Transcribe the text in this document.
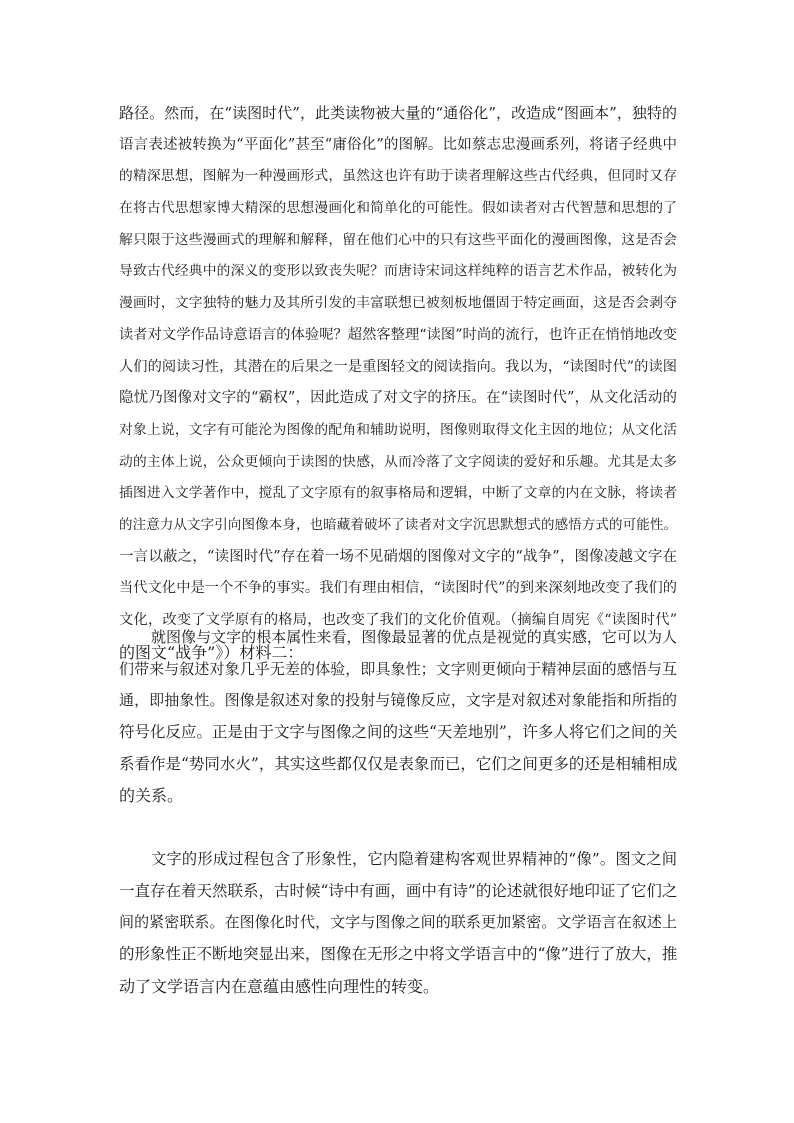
路径。然而，在“读图时代”，此类读物被大量的“通俗化”，改造成“图画本”，独特的
语言表述被转换为“平面化”甚至“庸俗化”的图解。比如蔡志忠漫画系列，将诸子经典中
的精深思想，图解为一种漫画形式，虽然这也许有助于读者理解这些古代经典，但同时又存
在将古代思想家博大精深的思想漫画化和简单化的可能性。假如读者对古代智慧和思想的了
解只限于这些漫画式的理解和解释，留在他们心中的只有这些平面化的漫画图像，这是否会
导致古代经典中的深义的变形以致丧失呢？而唐诗宋词这样纯粹的语言艺术作品，被转化为
漫画时，文字独特的魅力及其所引发的丰富联想已被刻板地僵固于特定画面，这是否会剥夺
读者对文学作品诗意语言的体验呢？超然客整理“读图”时尚的流行，也许正在悄悄地改变
人们的阅读习性，其潜在的后果之一是重图轻文的阅读指向。我以为，“读图时代”的读图
隐忧乃图像对文字的“霸权”，因此造成了对文字的挤压。在“读图时代”，从文化活动的
对象上说，文字有可能沦为图像的配角和辅助说明，图像则取得文化主因的地位；从文化活
动的主体上说，公众更倾向于读图的快感，从而冷落了文字阅读的爱好和乐趣。尤其是太多
插图进入文学著作中，搅乱了文字原有的叙事格局和逻辑，中断了文章的内在文脉，将读者
的注意力从文字引向图像本身，也暗藏着破坏了读者对文字沉思默想式的感悟方式的可能性。
一言以蔽之，“读图时代”存在着一场不见硝烟的图像对文字的“战争”，图像凌越文字在
当代文化中是一个不争的事实。我们有理由相信，“读图时代”的到来深刻地改变了我们的
文化，改变了文学原有的格局，也改变了我们的文化价值观。（摘编自周宪《“读图时代”
的图文“战争”》）材料二：
就图像与文字的根本属性来看，图像最显著的优点是视觉的真实感，它可以为人
们带来与叙述对象几乎无差的体验，即具象性；文字则更倾向于精神层面的感悟与互
通，即抽象性。图像是叙述对象的投射与镜像反应，文字是对叙述对象能指和所指的
符号化反应。正是由于文字与图像之间的这些“天差地别”，许多人将它们之间的关
系看作是“势同水火”，其实这些都仅仅是表象而已，它们之间更多的还是相辅相成
的关系。
文字的形成过程包含了形象性，它内隐着建构客观世界精神的“像”。图文之间
一直存在着天然联系，古时候“诗中有画，画中有诗”的论述就很好地印证了它们之
间的紧密联系。在图像化时代，文字与图像之间的联系更加紧密。文学语言在叙述上
的形象性正不断地突显出来，图像在无形之中将文学语言中的“像”进行了放大，推
动了文学语言内在意蕴由感性向理性的转变。
